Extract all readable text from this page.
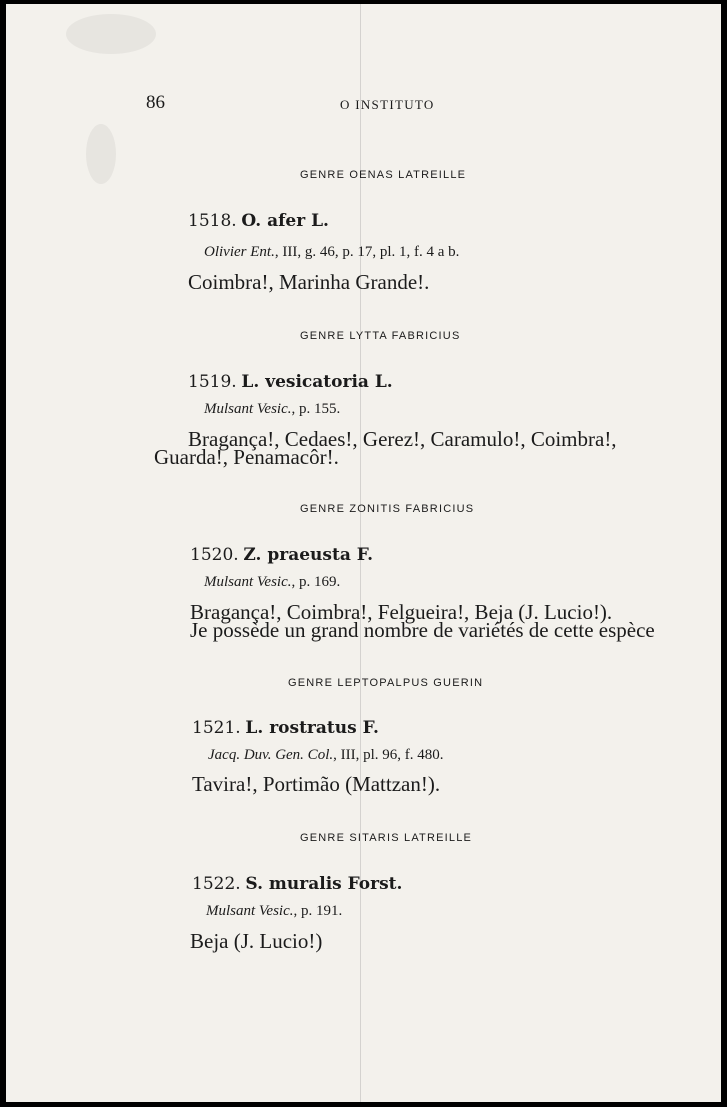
86	O INSTITUTO
GENRE OENAS LATREILLE
1518. O. afer L.
Olivier Ent., III, g. 46, p. 17, pl. 1, f. 4 a b.
Coimbra!, Marinha Grande!.
GENRE LYTTA FABRICIUS
1519. L. vesicatoria L.
Mulsant Vesic., p. 155.
Bragança!, Cedaes!, Gerez!, Caramulo!, Coimbra!,
Guarda!, Penamacôr!.
GENRE ZONITIS FABRICIUS
1520. Z. praeusta F.
Mulsant Vesic., p. 169.
Bragança!, Coimbra!, Felgueira!, Beja (J. Lucio!).
Je possède un grand nombre de variétés de cette espèce
GENRE LEPTOPALPUS GUERIN
1521. L. rostratus F.
Jacq. Duv. Gen. Col., III, pl. 96, f. 480.
Tavira!, Portimão (Mattzan!).
GENRE SITARIS LATREILLE
1522. S. muralis Forst.
Mulsant Vesic., p. 191.
Beja (J. Lucio!)
